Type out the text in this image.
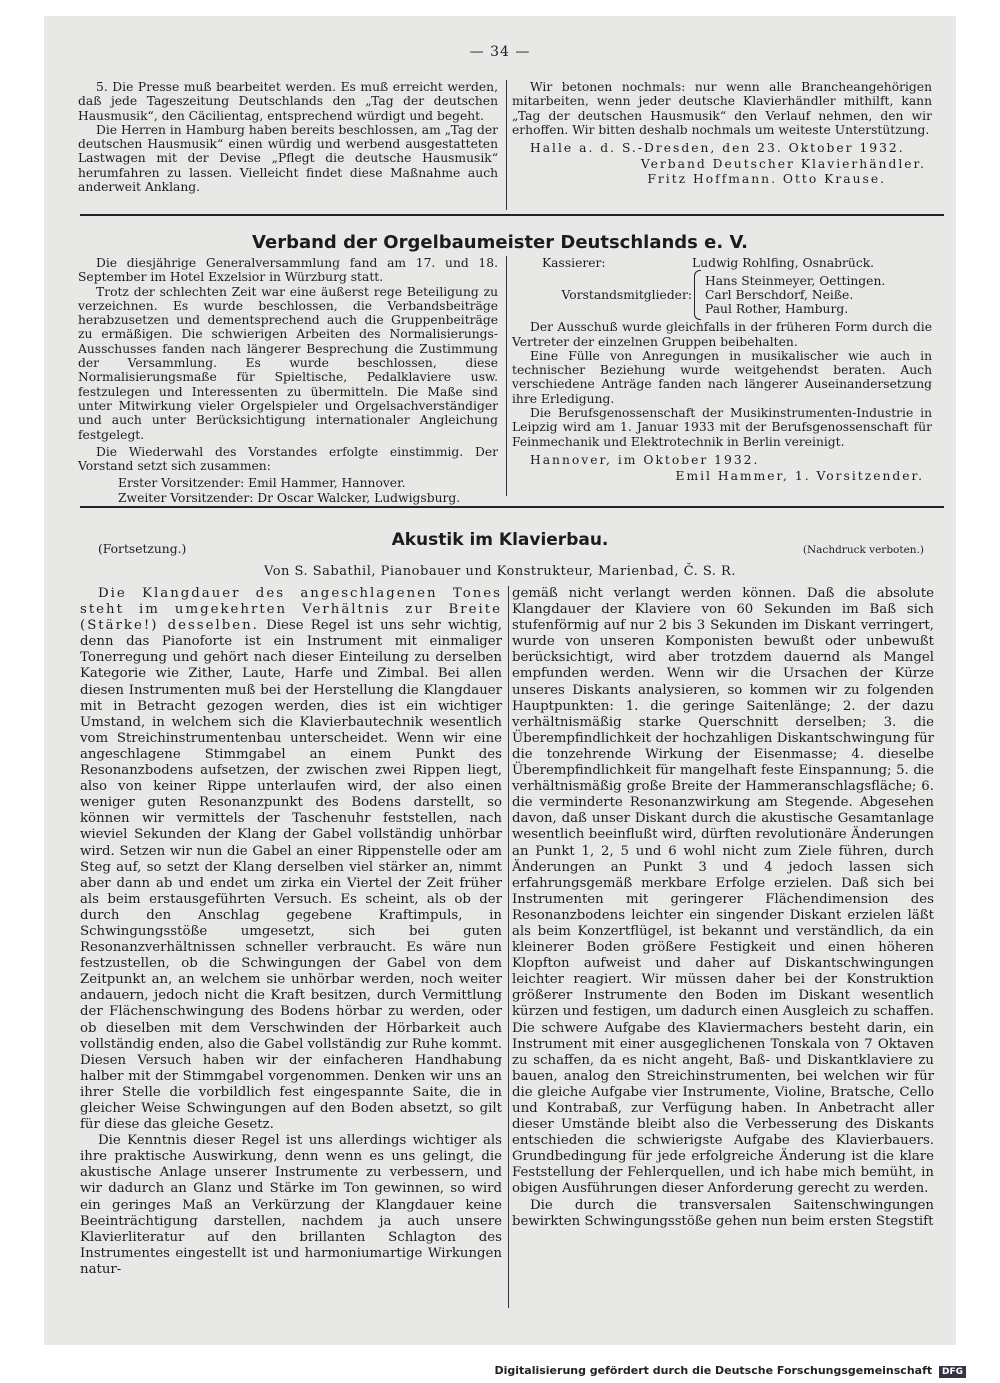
— 34 —

5. Die Presse muß bearbeitet werden. Es muß erreicht werden, daß jede Tageszeitung Deutschlands den „Tag der deutschen Hausmusik“, den Cäcilientag, entsprechend würdigt und begeht.

Die Herren in Hamburg haben bereits beschlossen, am „Tag der deutschen Hausmusik“ einen würdig und werbend ausgestatteten Lastwagen mit der Devise „Pflegt die deutsche Hausmusik“ herumfahren zu lassen. Vielleicht findet diese Maßnahme auch anderweit Anklang.

Wir betonen nochmals: nur wenn alle Brancheangehörigen mitarbeiten, wenn jeder deutsche Klavierhändler mithilft, kann „Tag der deutschen Hausmusik“ den Verlauf nehmen, den wir erhoffen. Wir bitten deshalb nochmals um weiteste Unterstützung.

Halle a. d. S.-Dresden, den 23. Oktober 1932.

Verband Deutscher Klavierhändler.

Fritz Hoffmann. Otto Krause.

Verband der Orgelbaumeister Deutschlands e. V.

Die diesjährige Generalversammlung fand am 17. und 18. September im Hotel Exzelsior in Würzburg statt.

Trotz der schlechten Zeit war eine äußerst rege Beteiligung zu verzeichnen. Es wurde beschlossen, die Verbandsbeiträge herabzusetzen und dementsprechend auch die Gruppenbeiträge zu ermäßigen. Die schwierigen Arbeiten des Normalisierungs-Ausschusses fanden nach längerer Besprechung die Zustimmung der Versammlung. Es wurde beschlossen, diese Normalisierungsmaße für Spieltische, Pedalklaviere usw. festzulegen und Interessenten zu übermitteln. Die Maße sind unter Mitwirkung vieler Orgelspieler und Orgelsachverständiger und auch unter Berücksichtigung internationaler Angleichung festgelegt.

Die Wiederwahl des Vorstandes erfolgte einstimmig. Der Vorstand setzt sich zusammen:

Erster Vorsitzender: Emil Hammer, Hannover.

Zweiter Vorsitzender: Dr Oscar Walcker, Ludwigsburg.

Kassierer:	Ludwig Rohlfing, Osnabrück.
Vorstandsmitglieder:
Hans Steinmeyer, Oettingen.
Carl Berschdorf, Neiße.
Paul Rother, Hamburg.

Der Ausschuß wurde gleichfalls in der früheren Form durch die Vertreter der einzelnen Gruppen beibehalten.

Eine Fülle von Anregungen in musikalischer wie auch in technischer Beziehung wurde weitgehendst beraten. Auch verschiedene Anträge fanden nach längerer Auseinandersetzung ihre Erledigung.

Die Berufsgenossenschaft der Musikinstrumenten-Industrie in Leipzig wird am 1. Januar 1933 mit der Berufsgenossenschaft für Feinmechanik und Elektrotechnik in Berlin vereinigt.

Hannover, im Oktober 1932.

Emil Hammer, 1. Vorsitzender.

(Fortsetzung.)	Akustik im Klavierbau.	(Nachdruck verboten.)
Von S. Sabathil, Pianobauer und Konstrukteur, Marienbad, Č. S. R.

Die Klangdauer des angeschlagenen Tones steht im umgekehrten Verhältnis zur Breite (Stärke!) desselben. Diese Regel ist uns sehr wichtig, denn das Pianoforte ist ein Instrument mit einmaliger Tonerregung und gehört nach dieser Einteilung zu derselben Kategorie wie Zither, Laute, Harfe und Zimbal. Bei allen diesen Instrumenten muß bei der Herstellung die Klangdauer mit in Betracht gezogen werden, dies ist ein wichtiger Umstand, in welchem sich die Klavierbautechnik wesentlich vom Streichinstrumentenbau unterscheidet. Wenn wir eine angeschlagene Stimmgabel an einem Punkt des Resonanzbodens aufsetzen, der zwischen zwei Rippen liegt, also von keiner Rippe unterlaufen wird, der also einen weniger guten Resonanzpunkt des Bodens darstellt, so können wir vermittels der Taschenuhr feststellen, nach wieviel Sekunden der Klang der Gabel vollständig unhörbar wird. Setzen wir nun die Gabel an einer Rippenstelle oder am Steg auf, so setzt der Klang derselben viel stärker an, nimmt aber dann ab und endet um zirka ein Viertel der Zeit früher als beim erstausgeführten Versuch. Es scheint, als ob der durch den Anschlag gegebene Kraftimpuls, in Schwingungsstöße umgesetzt, sich bei guten Resonanzverhältnissen schneller verbraucht. Es wäre nun festzustellen, ob die Schwingungen der Gabel von dem Zeitpunkt an, an welchem sie unhörbar werden, noch weiter andauern, jedoch nicht die Kraft besitzen, durch Vermittlung der Flächenschwingung des Bodens hörbar zu werden, oder ob dieselben mit dem Verschwinden der Hörbarkeit auch vollständig enden, also die Gabel vollständig zur Ruhe kommt. Diesen Versuch haben wir der einfacheren Handhabung halber mit der Stimmgabel vorgenommen. Denken wir uns an ihrer Stelle die vorbildlich fest eingespannte Saite, die in gleicher Weise Schwingungen auf den Boden absetzt, so gilt für diese das gleiche Gesetz.

Die Kenntnis dieser Regel ist uns allerdings wichtiger als ihre praktische Auswirkung, denn wenn es uns gelingt, die akustische Anlage unserer Instrumente zu verbessern, und wir dadurch an Glanz und Stärke im Ton gewinnen, so wird ein geringes Maß an Verkürzung der Klangdauer keine Beeinträchtigung darstellen, nachdem ja auch unsere Klavierliteratur auf den brillanten Schlagton des Instrumentes eingestellt ist und harmoniumartige Wirkungen natur-

gemäß nicht verlangt werden können. Daß die absolute Klangdauer der Klaviere von 60 Sekunden im Baß sich stufenförmig auf nur 2 bis 3 Sekunden im Diskant verringert, wurde von unseren Komponisten bewußt oder unbewußt berücksichtigt, wird aber trotzdem dauernd als Mangel empfunden werden. Wenn wir die Ursachen der Kürze unseres Diskants analysieren, so kommen wir zu folgenden Hauptpunkten: 1. die geringe Saitenlänge; 2. der dazu verhältnismäßig starke Querschnitt derselben; 3. die Überempfindlichkeit der hochzahligen Diskantschwingung für die tonzehrende Wirkung der Eisenmasse; 4. dieselbe Überempfindlichkeit für mangelhaft feste Einspannung; 5. die verhältnismäßig große Breite der Hammeranschlagsfläche; 6. die verminderte Resonanzwirkung am Stegende. Abgesehen davon, daß unser Diskant durch die akustische Gesamtanlage wesentlich beeinflußt wird, dürften revolutionäre Änderungen an Punkt 1, 2, 5 und 6 wohl nicht zum Ziele führen, durch Änderungen an Punkt 3 und 4 jedoch lassen sich erfahrungsgemäß merkbare Erfolge erzielen. Daß sich bei Instrumenten mit geringerer Flächendimension des Resonanzbodens leichter ein singender Diskant erzielen läßt als beim Konzertflügel, ist bekannt und verständlich, da ein kleinerer Boden größere Festigkeit und einen höheren Klopfton aufweist und daher auf Diskantschwingungen leichter reagiert. Wir müssen daher bei der Konstruktion größerer Instrumente den Boden im Diskant wesentlich kürzen und festigen, um dadurch einen Ausgleich zu schaffen. Die schwere Aufgabe des Klaviermachers besteht darin, ein Instrument mit einer ausgeglichenen Tonskala von 7 Oktaven zu schaffen, da es nicht angeht, Baß- und Diskantklaviere zu bauen, analog den Streichinstrumenten, bei welchen wir für die gleiche Aufgabe vier Instrumente, Violine, Bratsche, Cello und Kontrabaß, zur Verfügung haben. In Anbetracht aller dieser Umstände bleibt also die Verbesserung des Diskants entschieden die schwierigste Aufgabe des Klavierbauers. Grundbedingung für jede erfolgreiche Änderung ist die klare Feststellung der Fehlerquellen, und ich habe mich bemüht, in obigen Ausführungen dieser Anforderung gerecht zu werden.

Die durch die transversalen Saitenschwingungen bewirkten Schwingungsstöße gehen nun beim ersten Stegstift

Digitalisierung gefördert durch die Deutsche Forschungsgemeinschaft DFG
